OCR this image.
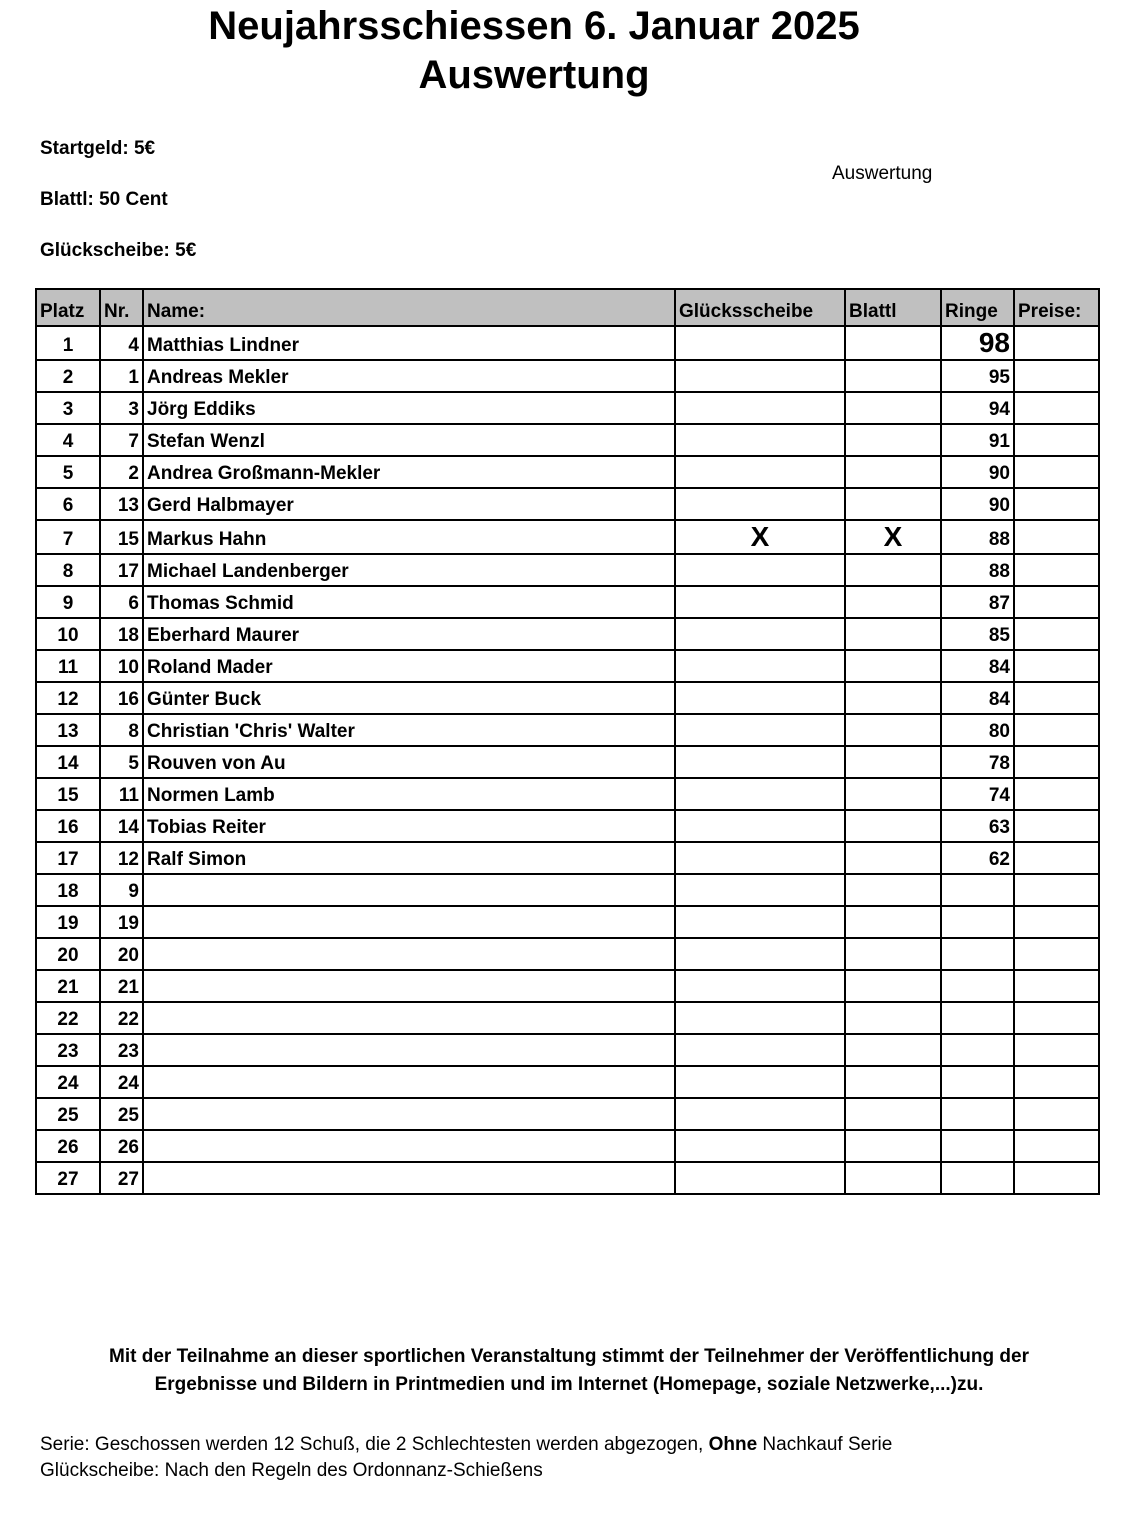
Neujahrsschiessen 6. Januar 2025
Auswertung
Startgeld: 5€
Blattl: 50 Cent
Glückscheibe: 5€
Auswertung
Platz	Nr.	Name:	Glücksscheibe	Blattl	Ringe	Preise:
1	4	Matthias Lindner			98	
2	1	Andreas Mekler			95	
3	3	Jörg Eddiks			94	
4	7	Stefan Wenzl			91	
5	2	Andrea Großmann-Mekler			90	
6	13	Gerd Halbmayer			90	
7	15	Markus Hahn	X	X	88	
8	17	Michael Landenberger			88	
9	6	Thomas Schmid			87	
10	18	Eberhard Maurer			85	
11	10	Roland Mader			84	
12	16	Günter Buck			84	
13	8	Christian 'Chris' Walter			80	
14	5	Rouven von Au			78	
15	11	Normen Lamb			74	
16	14	Tobias Reiter			63	
17	12	Ralf Simon			62	
18	9					
19	19					
20	20					
21	21					
22	22					
23	23					
24	24					
25	25					
26	26					
27	27					
Mit der Teilnahme an dieser sportlichen Veranstaltung stimmt der Teilnehmer der Veröffentlichung der
Ergebnisse und Bildern in Printmedien und im Internet (Homepage, soziale Netzwerke,...)zu.
Serie: Geschossen werden 12 Schuß, die 2 Schlechtesten werden abgezogen, Ohne Nachkauf Serie
Glückscheibe: Nach den Regeln des Ordonnanz-Schießens
